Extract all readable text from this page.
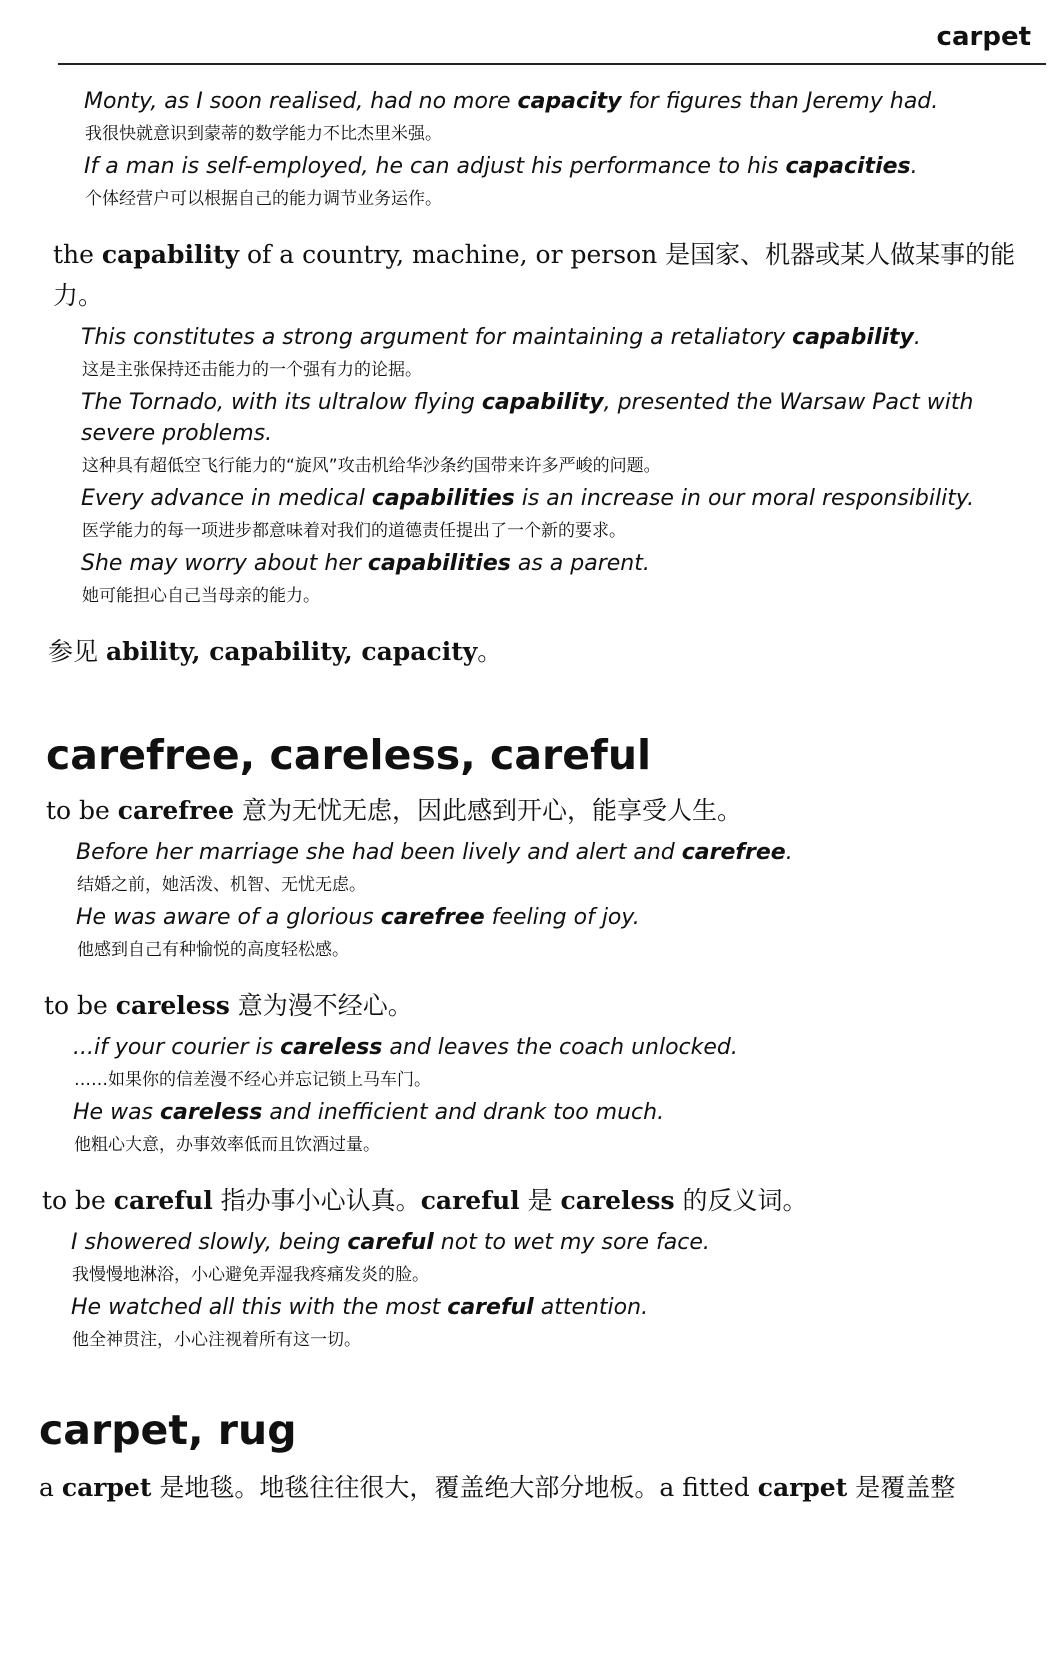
carpet

Monty, as I soon realised, had no more capacity for figures than Jeremy had.

我很快就意识到蒙蒂的数学能力不比杰里米强。

If a man is self-employed, he can adjust his performance to his capacities.

个体经营户可以根据自己的能力调节业务运作。

the capability of a country, machine, or person 是国家、机器或某人做某事的能力。

This constitutes a strong argument for maintaining a retaliatory capability.

这是主张保持还击能力的一个强有力的论据。

The Tornado, with its ultralow flying capability, presented the Warsaw Pact with severe problems.

这种具有超低空飞行能力的“旋风”攻击机给华沙条约国带来许多严峻的问题。

Every advance in medical capabilities is an increase in our moral responsibility.

医学能力的每一项进步都意味着对我们的道德责任提出了一个新的要求。

She may worry about her capabilities as a parent.

她可能担心自己当母亲的能力。

参见 ability, capability, capacity。

carefree, careless, careful

to be carefree 意为无忧无虑，因此感到开心，能享受人生。

Before her marriage she had been lively and alert and carefree.

结婚之前，她活泼、机智、无忧无虑。

He was aware of a glorious carefree feeling of joy.

他感到自己有种愉悦的高度轻松感。

to be careless 意为漫不经心。

...if your courier is careless and leaves the coach unlocked.

……如果你的信差漫不经心并忘记锁上马车门。

He was careless and inefficient and drank too much.

他粗心大意，办事效率低而且饮酒过量。

to be careful 指办事小心认真。careful 是 careless 的反义词。

I showered slowly, being careful not to wet my sore face.

我慢慢地淋浴，小心避免弄湿我疼痛发炎的脸。

He watched all this with the most careful attention.

他全神贯注，小心注视着所有这一切。

carpet, rug

a carpet 是地毯。地毯往往很大，覆盖绝大部分地板。a fitted carpet 是覆盖整
